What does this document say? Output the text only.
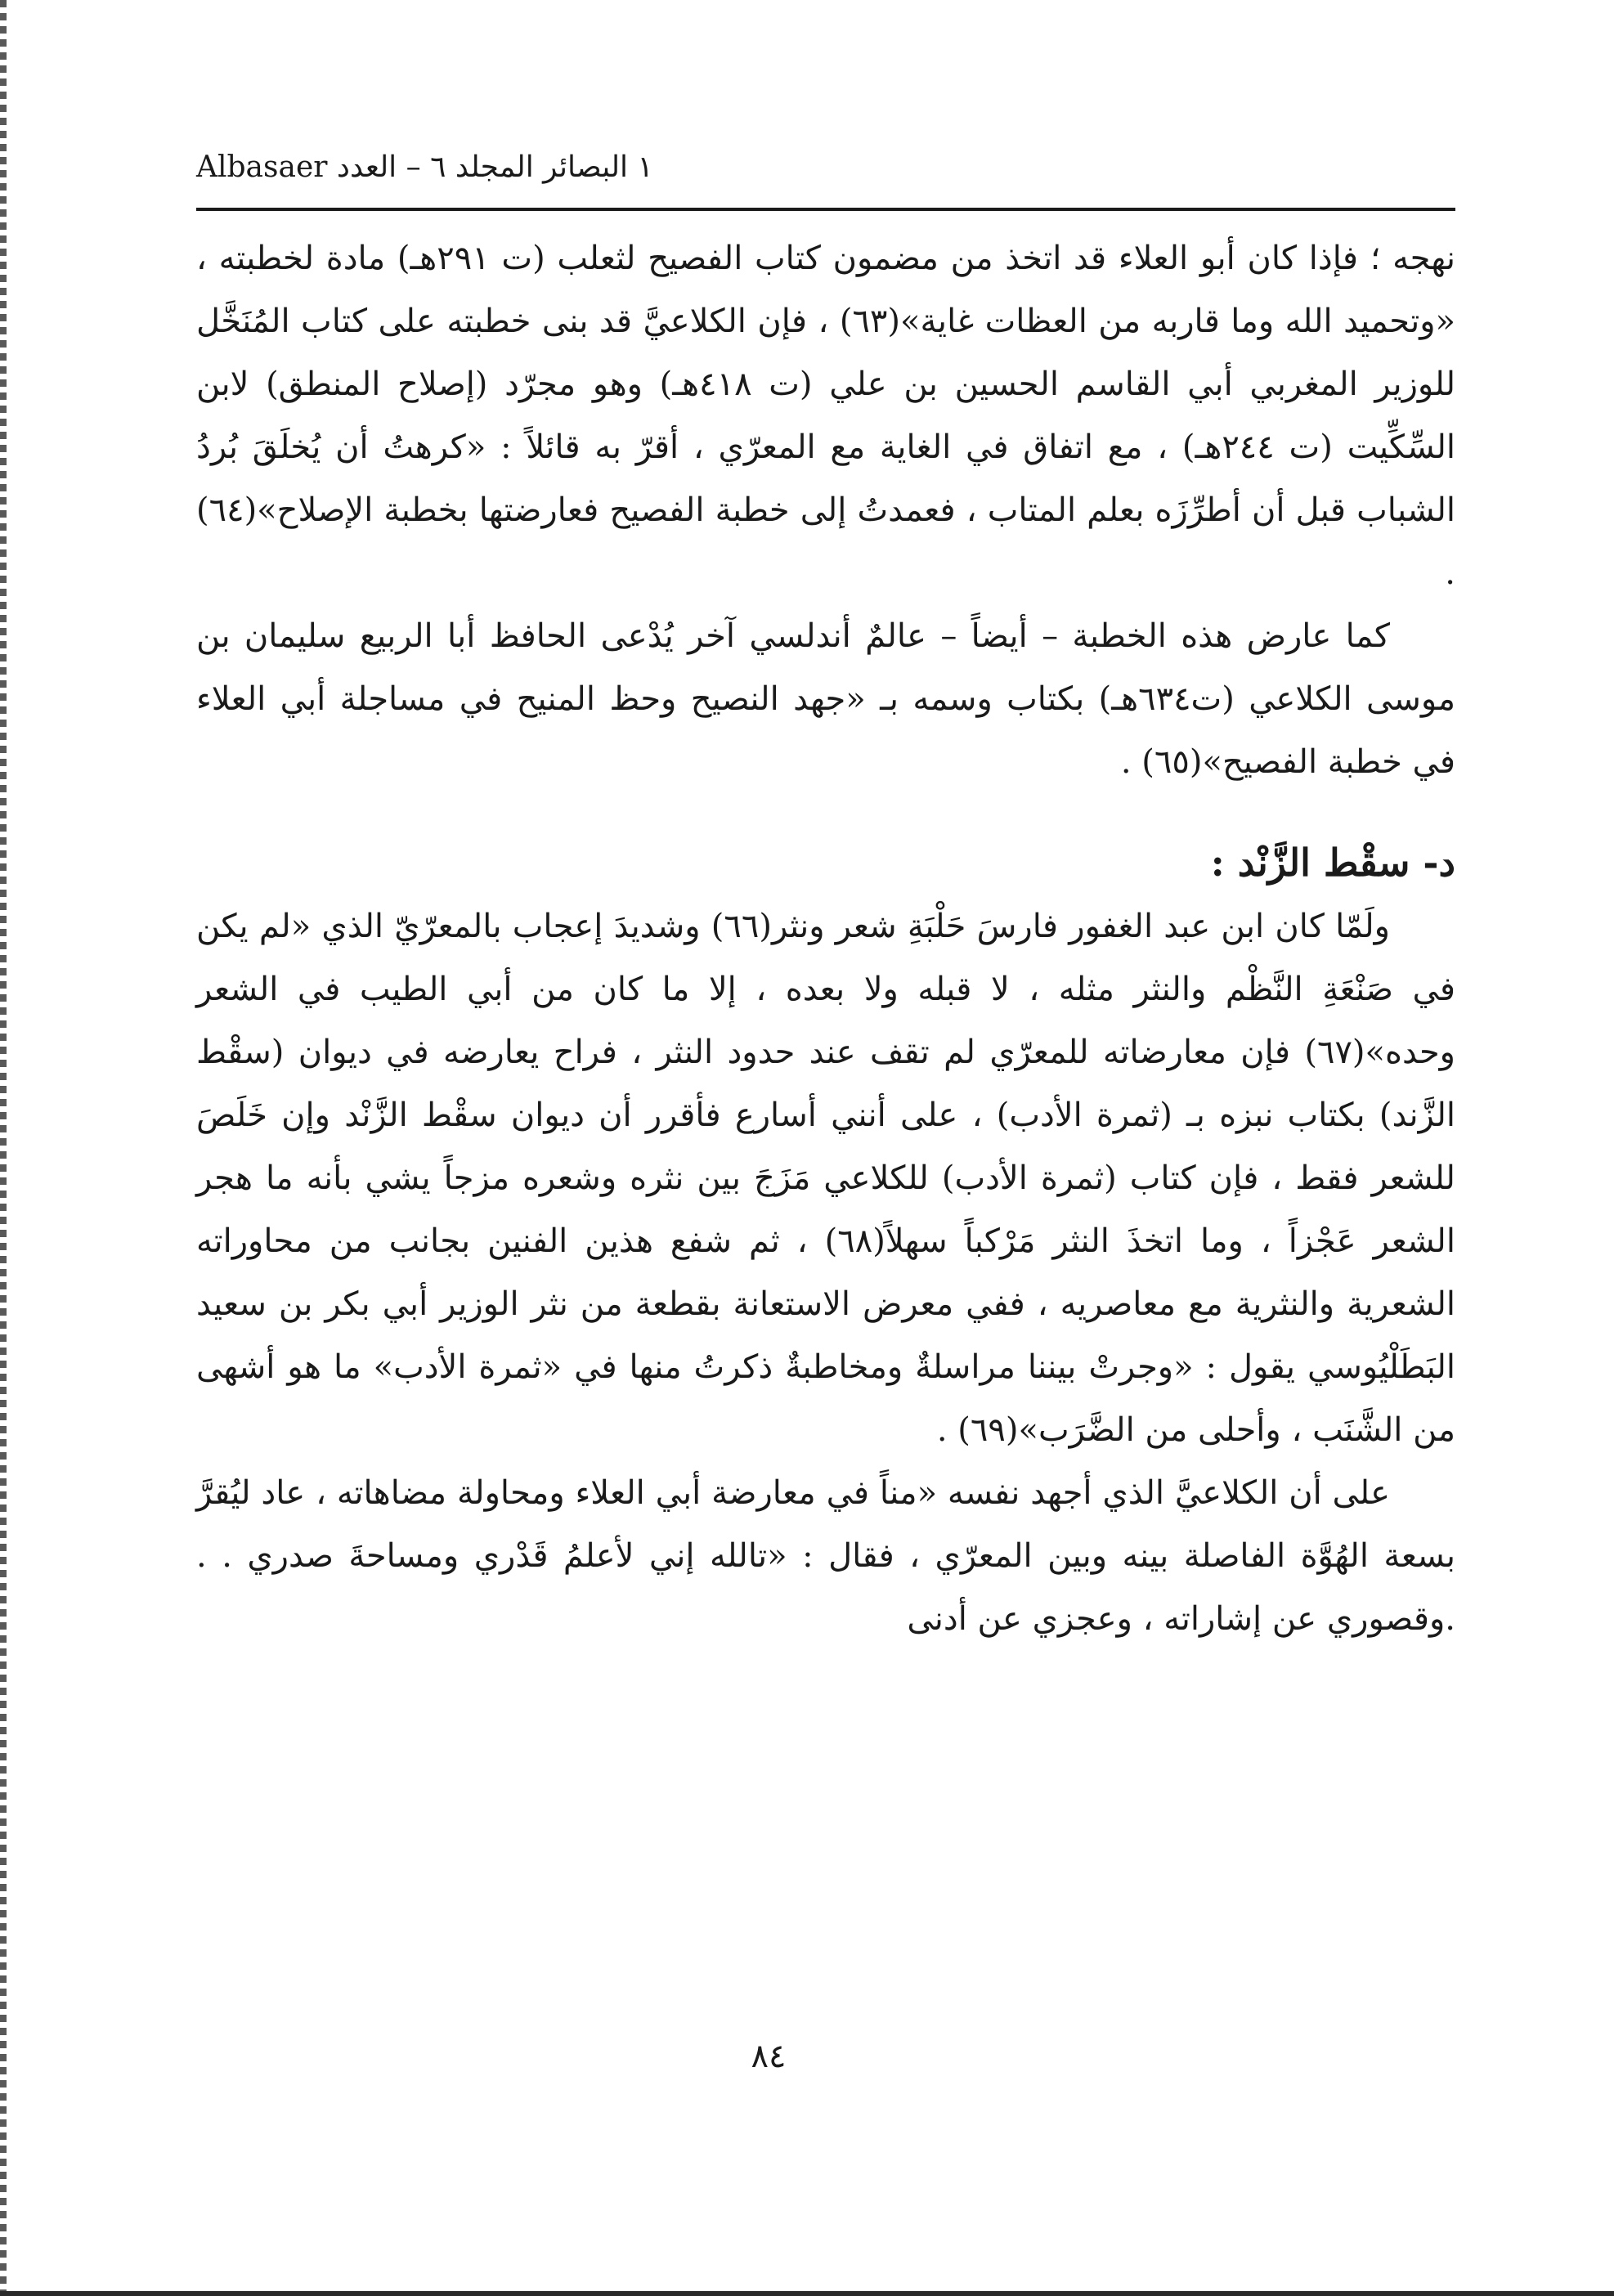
Albasaer ١ البصائر المجلد ٦ – العدد

نهجه ؛ فإذا كان أبو العلاء قد اتخذ من مضمون كتاب الفصيح لثعلب (ت ٢٩١هـ) مادة لخطبته ، «وتحميد الله وما قاربه من العظات غاية»(٦٣) ، فإن الكلاعيَّ قد بنى خطبته على كتاب المُنَخَّل للوزير المغربي أبي القاسم الحسين بن علي (ت ٤١٨هـ) وهو مجرّد (إصلاح المنطق) لابن السِّكِّيت (ت ٢٤٤هـ) ، مع اتفاق في الغاية مع المعرّي ، أقرّ به قائلاً : «كرهتُ أن يُخلَقَ بُردُ الشباب قبل أن أطرِّزَه بعلم المتاب ، فعمدتُ إلى خطبة الفصيح فعارضتها بخطبة الإصلاح»(٦٤) .

كما عارض هذه الخطبة – أيضاً – عالمٌ أندلسي آخر يُدْعى الحافظ أبا الربيع سليمان بن موسى الكلاعي (ت٦٣٤هـ) بكتاب وسمه بـ «جهد النصيح وحظ المنيح في مساجلة أبي العلاء في خطبة الفصيح»(٦٥) .

د- سقْط الزَّنْد :

ولَمّا كان ابن عبد الغفور فارسَ حَلْبَةِ شعر ونثر(٦٦) وشديدَ إعجاب بالمعرّيّ الذي «لم يكن في صَنْعَةِ النَّظْم والنثر مثله ، لا قبله ولا بعده ، إلا ما كان من أبي الطيب في الشعر وحده»(٦٧) فإن معارضاته للمعرّي لم تقف عند حدود النثر ، فراح يعارضه في ديوان (سقْط الزَّند) بكتاب نبزه بـ (ثمرة الأدب) ، على أنني أسارع فأقرر أن ديوان سقْط الزَّنْد وإن خَلَصَ للشعر فقط ، فإن كتاب (ثمرة الأدب) للكلاعي مَزَجَ بين نثره وشعره مزجاً يشي بأنه ما هجر الشعر عَجْزاً ، وما اتخذَ النثر مَرْكباً سهلاً(٦٨) ، ثم شفع هذين الفنين بجانب من محاوراته الشعرية والنثرية مع معاصريه ، ففي معرض الاستعانة بقطعة من نثر الوزير أبي بكر بن سعيد البَطَلْيُوسي يقول : «وجرتْ بيننا مراسلةٌ ومخاطبةٌ ذكرتُ منها في «ثمرة الأدب» ما هو أشهى من الشَّنَب ، وأحلى من الضَّرَب»(٦٩) .

على أن الكلاعيَّ الذي أجهد نفسه «مناً في معارضة أبي العلاء ومحاولة مضاهاته ، عاد ليُقرَّ بسعة الهُوَّة الفاصلة بينه وبين المعرّي ، فقال : «تالله إني لأعلمُ قَدْري ومساحةَ صدري . . .وقصوري عن إشاراته ، وعجزي عن أدنى

٨٤
